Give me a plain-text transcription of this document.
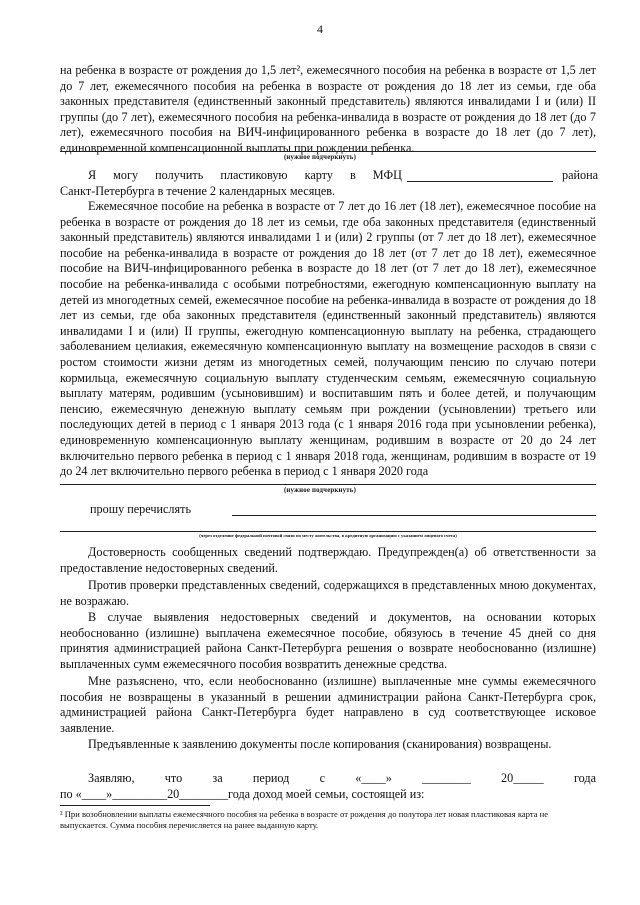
4

на ребенка в возрасте от рождения до 1,5 лет², ежемесячного пособия на ребенка в возрасте от 1,5 лет до 7 лет, ежемесячного пособия на ребенка в возрасте от рождения до 18 лет из семьи, где оба законных представителя (единственный законный представитель) являются инвалидами I и (или) II группы (до 7 лет), ежемесячного пособия на ребенка-инвалида в возрасте от рождения до 18 лет (до 7 лет), ежемесячного пособия на ВИЧ-инфицированного ребенка в возрасте до 18 лет (до 7 лет), единовременной компенсационной выплаты при рождении ребенка.

(нужное подчеркнуть)
Я могу получить пластиковую карту в МФЦ	района
Санкт-Петербурга в течение 2 календарных месяцев.

Ежемесячное пособие на ребенка в возрасте от 7 лет до 16 лет (18 лет), ежемесячное пособие на ребенка в возрасте от рождения до 18 лет из семьи, где оба законных представителя (единственный законный представитель) являются инвалидами 1 и (или) 2 группы (от 7 лет до 18 лет), ежемесячное пособие на ребенка-инвалида в возрасте от рождения до 18 лет (от 7 лет до 18 лет), ежемесячное пособие на ВИЧ-инфицированного ребенка в возрасте до 18 лет (от 7 лет до 18 лет), ежемесячное пособие на ребенка-инвалида с особыми потребностями, ежегодную компенсационную выплату на детей из многодетных семей, ежемесячное пособие на ребенка-инвалида в возрасте от рождения до 18 лет из семьи, где оба законных представителя (единственный законный представитель) являются инвалидами I и (или) II группы, ежегодную компенсационную выплату на ребенка, страдающего заболеванием целиакия, ежемесячную компенсационную выплату на возмещение расходов в связи с ростом стоимости жизни детям из многодетных семей, получающим пенсию по случаю потери кормильца, ежемесячную социальную выплату студенческим семьям, ежемесячную социальную выплату матерям, родившим (усыновившим) и воспитавшим пять и более детей, и получающим пенсию, ежемесячную денежную выплату семьям при рождении (усыновлении) третьего или последующих детей в период с 1 января 2013 года (с 1 января 2016 года при усыновлении ребенка), единовременную компенсационную выплату женщинам, родившим в возрасте от 20 до 24 лет включительно первого ребенка в период с 1 января 2018 года, женщинам, родившим в возрасте от 19 до 24 лет включительно первого ребенка в период с 1 января 2020 года

(нужное подчеркнуть)
прошу перечислять
(через отделение федеральной почтовой связи по месту жительства, в кредитную организацию с указанием лицевого счета)

Достоверность сообщенных сведений подтверждаю. Предупрежден(а) об ответственности за предоставление недостоверных сведений.

Против проверки представленных сведений, содержащихся в представленных мною документах, не возражаю.

В случае выявления недостоверных сведений и документов, на основании которых необоснованно (излишне) выплачена ежемесячное пособие, обязуюсь в течение 45 дней со дня принятия администрацией района Санкт-Петербурга решения о возврате необоснованно (излишне) выплаченных сумм ежемесячного пособия возвратить денежные средства.

Мне разъяснено, что, если необоснованно (излишне) выплаченные мне суммы ежемесячного пособия не возвращены в указанный в решении администрации района Санкт-Петербурга срок, администрацией района Санкт-Петербурга будет направлено в суд соответствующее исковое заявление.

Предъявленные к заявлению документы после копирования (сканирования) возвращены.

Заявляю, что за период с «____» ________ 20_____ года

по «____»_________20________года доход моей семьи, состоящей из:

² При возобновлении выплаты ежемесячного пособия на ребенка в возрасте от рождения до полутора лет новая пластиковая карта не выпускается. Сумма пособия перечисляется на ранее выданную карту.
